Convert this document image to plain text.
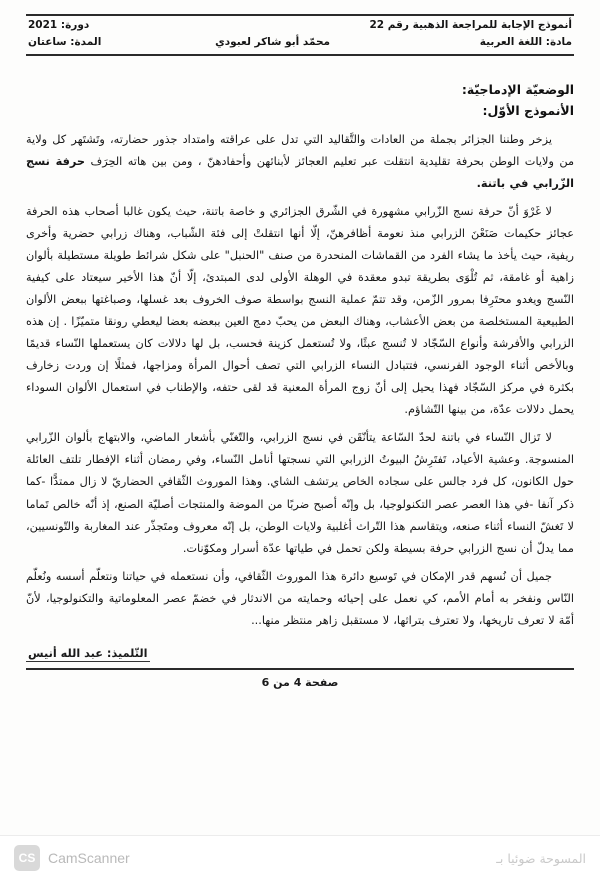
أنموذج الإجابة للمراجعة الذهبية رقم 22		دورة: 2021
مادة: اللغة العربية	محمّد أبو شاكر لعبودي	المدة: ساعتان
الوضعيّة الإدماجيّة:
الأنموذج الأوّل:

يزخر وطننا الجزائر بجملة من العادات والتَّقاليد التي تدل على عراقته وامتداد جذور حضارته، وتَشتَهر كل ولاية من ولايات الوطن بحرفة تقليدية انتقلت عبر تعليم العجائز لأبنائهن وأحفادهنّ ، ومن بين هاته الحِرَف حرفة نسج الزّرابي في باتنة.

لا غَرْوَ أنّ حرفة نسج الزّرابي مشهورة في الشّرق الجزائري و خاصة باتنة، حيث يكون غالبا أصحاب هذه الحرفة عجائز حكيمات صَنَعْنَ الزرابي منذ نعومة أظافرهنّ، إلّا أنها انتقلتْ إلى فئة الشّباب، وهناك زرابي حضرية وأخرى ريفية، حيث يأخذ ما يشاء الفرد من القماشات المنحدرة من صنف "الحنبل" على شكل شرائط طويلة مستطيلة بألوان زاهية أو غامقة، ثم تُلْوَى بطريقة تبدو معقدة في الوهلة الأولى لدى المبتدئ، إلّا أنّ هذا الأخير سيعتاد على كيفية النّسج ويغدو محتَرِفا بمرور الزّمن، وقد تتمّ عملية النسج بواسطة صوف الخروف بعد غسلها، وصباغتها ببعض الألوان الطبيعية المستخلصة من بعض الأعشاب، وهناك البعض من يحبّ دمج العين ببعضه بعضا ليعطي رونقا متميّزًا . إن هذه الزرابي والأفرشة وأنواع السّجّاد لا تُنسج عبثًا، ولا تُستعمل كزينة فحسب، بل لها دلالات كان يستعملها النّساء قديمًا وبالأخص أثناء الوجود الفرنسي، فتتبادل النساء الزرابي التي تصف أحوال المرأة ومزاجها، فمثلًا إن وردت زخارف بكثرة في مركز السّجّاد فهذا يحيل إلى أنّ زوج المرأة المعنية قد لقى حتفه، والإطناب في استعمال الألوان السوداء يحمل دلالات عدّة، من بينها التّشاؤم.

لا تَزال النّساء في باتنة لحدّ السّاعة يتأنّقَن في نسج الزرابي، والتّغنّي بأشعار الماضي، والابتهاج بألوان الزّرابي المنسوجة. وعشية الأعياد، تَفتَرِشُ البيوتُ الزرابي التي نسجتها أنامل النّساء، وفي رمضان أثناء الإفطار تلتف العائلة حول الكانون، كل فرد جالس على سجاده الخاص يرتشف الشاي. وهذا الموروث الثّقافي الحضاريّ لا زال ممتدًّا -كما ذكر آنفا -في هذا العصر عصر التكنولوجيا، بل وإنّه أصبح ضربًا من الموضة والمنتجات أصليّة الصنع، إذ أنّه خالص تَماما لا تَغشّ النساء أثناء صنعه، ويتقاسم هذا التّراث أغلبية ولايات الوطن، بل إنّه معروف ومتَجذّر عند المغاربة والتّونسيين، مما يدلّ أن نسج الزرابي حرفة بسيطة ولكن تحمل في طياتها عدّة أسرار ومكوّنات.

جميل أن نُسهم قدر الإمكان في تَوسيع دائرة هذا الموروث الثّقافي، وأن نستعمله في حياتنا ونتعلّم أسسه ونُعلّم النّاس ونفخر به أمام الأمم، كي نعمل على إحيائه وحمايته من الاندثار في خضمّ عصر المعلوماتية والتكنولوجيا، لأنّ أمّة لا تعرف تاريخها، ولا تعترف بتراثها، لا مستقبل زاهر منتظر منها...

التّلميذ: عبد الله أنيس
صفحة 4 من 6
CS CamScanner	المسوحة ضوئيا بـ
